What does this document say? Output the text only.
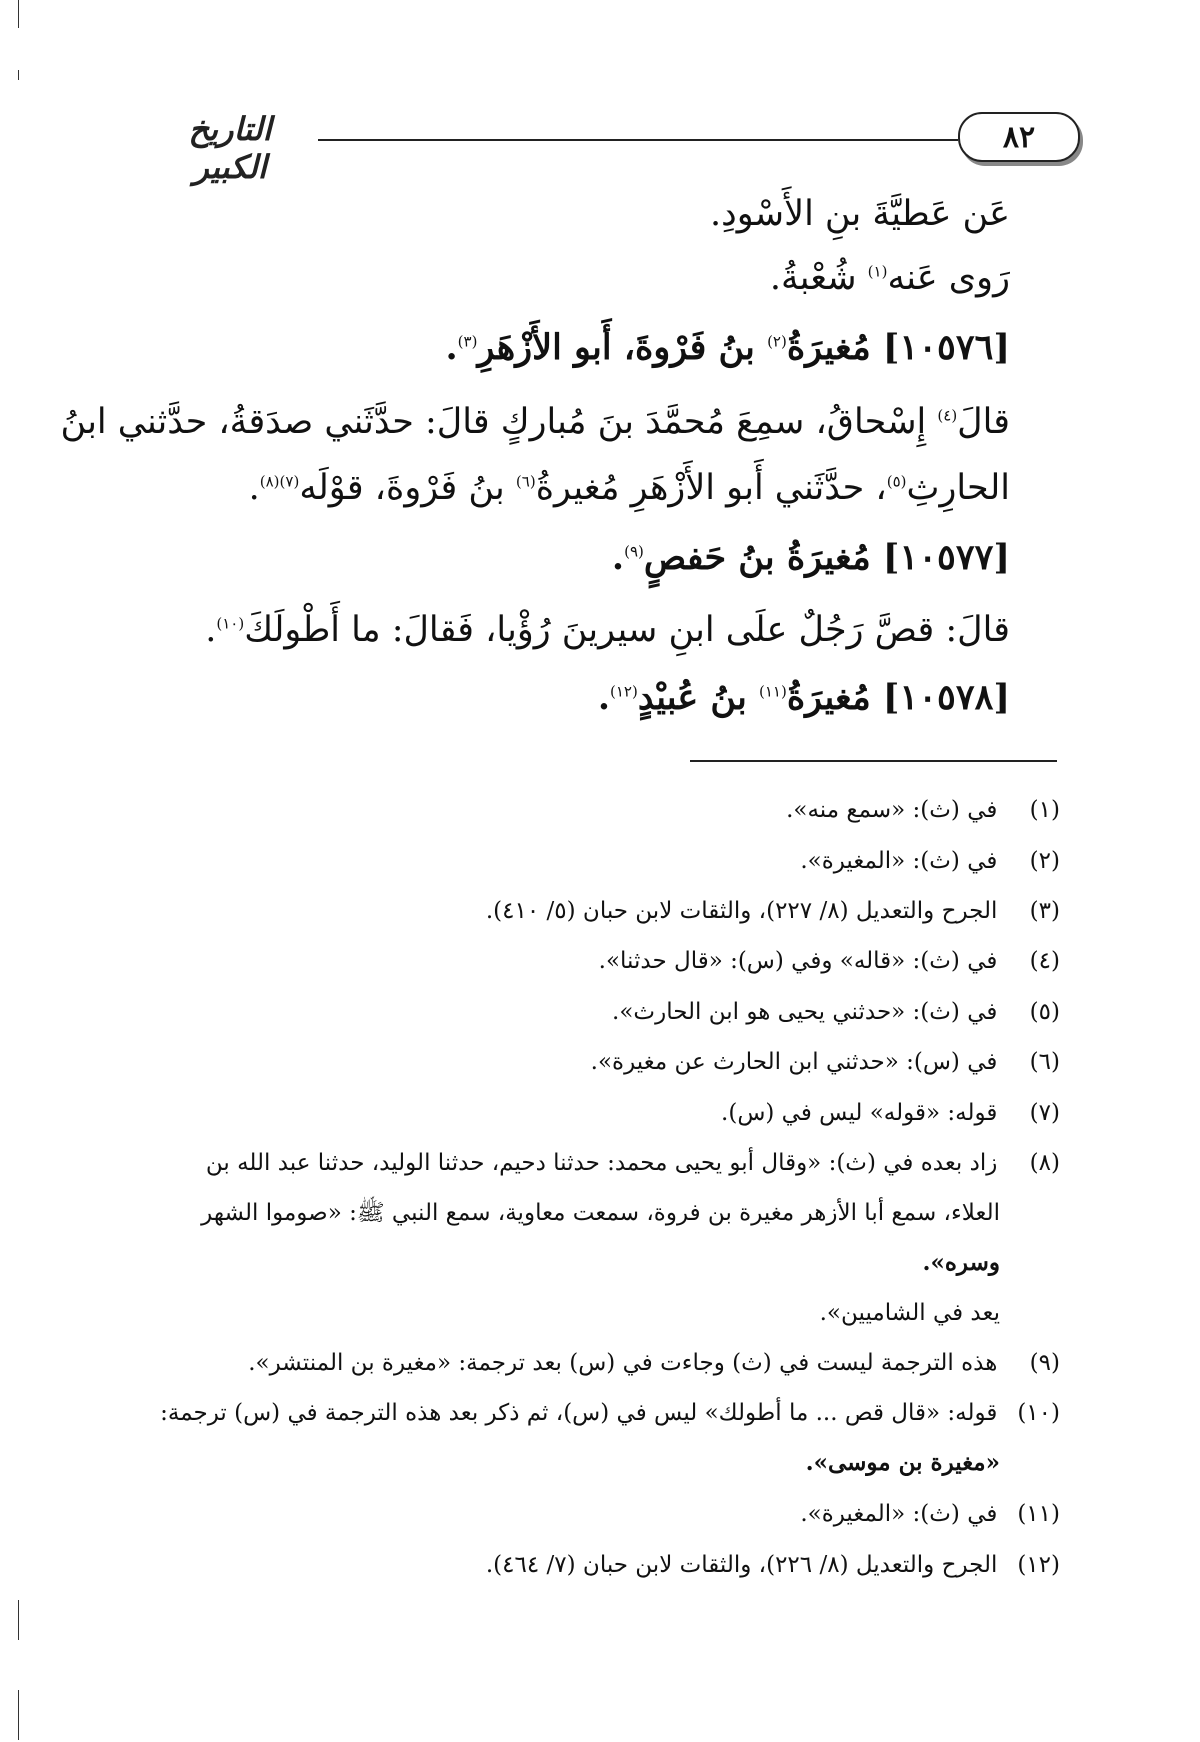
التاريخ الكبير
٨٢
عَن عَطيَّةَ بنِ الأَسْودِ.
رَوى عَنه$^{(١)}$ شُعْبةُ.
[١٠٥٧٦] مُغيرَةُ$^{(٢)}$ بنُ فَرْوةَ، أَبو الأَزْهَرِ$^{(٣)}$.
قالَ$^{(٤)}$ إِسْحاقُ، سمِعَ مُحمَّدَ بنَ مُباركٍ قالَ: حدَّثَني صدَقةُ، حدَّثني ابنُ
الحارِثِ$^{(٥)}$، حدَّثَني أَبو الأَزْهَرِ مُغيرةُ$^{(٦)}$ بنُ فَرْوةَ، قوْلَه$^{(٧)(٨)}$.
[١٠٥٧٧] مُغيرَةُ بنُ حَفصٍ$^{(٩)}$.
قالَ: قصَّ رَجُلٌ علَى ابنِ سيرينَ رُؤْيا، فَقالَ: ما أَطْولَكَ$^{(١٠)}$.
[١٠٥٧٨] مُغيرَةُ$^{(١١)}$ بنُ عُبيْدٍ$^{(١٢)}$.
(١)  في (ث): «سمع منه».
(٢)  في (ث): «المغيرة».
(٣)  الجرح والتعديل (٨/ ٢٢٧)، والثقات لابن حبان (٥/ ٤١٠).
(٤)  في (ث): «قاله» وفي (س): «قال حدثنا».
(٥)  في (ث): «حدثني يحيى هو ابن الحارث».
(٦)  في (س): «حدثني ابن الحارث عن مغيرة».
(٧)  قوله: «قوله» ليس في (س).
(٨)  زاد بعده في (ث): «وقال أبو يحيى محمد: حدثنا دحيم، حدثنا الوليد، حدثنا عبد الله بن
العلاء، سمع أبا الأزهر مغيرة بن فروة، سمعت معاوية، سمع النبي ﷺ: «صوموا الشهر
وسره».
يعد في الشاميين».
(٩)  هذه الترجمة ليست في (ث) وجاءت في (س) بعد ترجمة: «مغيرة بن المنتشر».
(١٠)  قوله: «قال قص ... ما أطولك» ليس في (س)، ثم ذكر بعد هذه الترجمة في (س) ترجمة:
«مغيرة بن موسى».
(١١)  في (ث): «المغيرة».
(١٢)  الجرح والتعديل (٨/ ٢٢٦)، والثقات لابن حبان (٧/ ٤٦٤).
